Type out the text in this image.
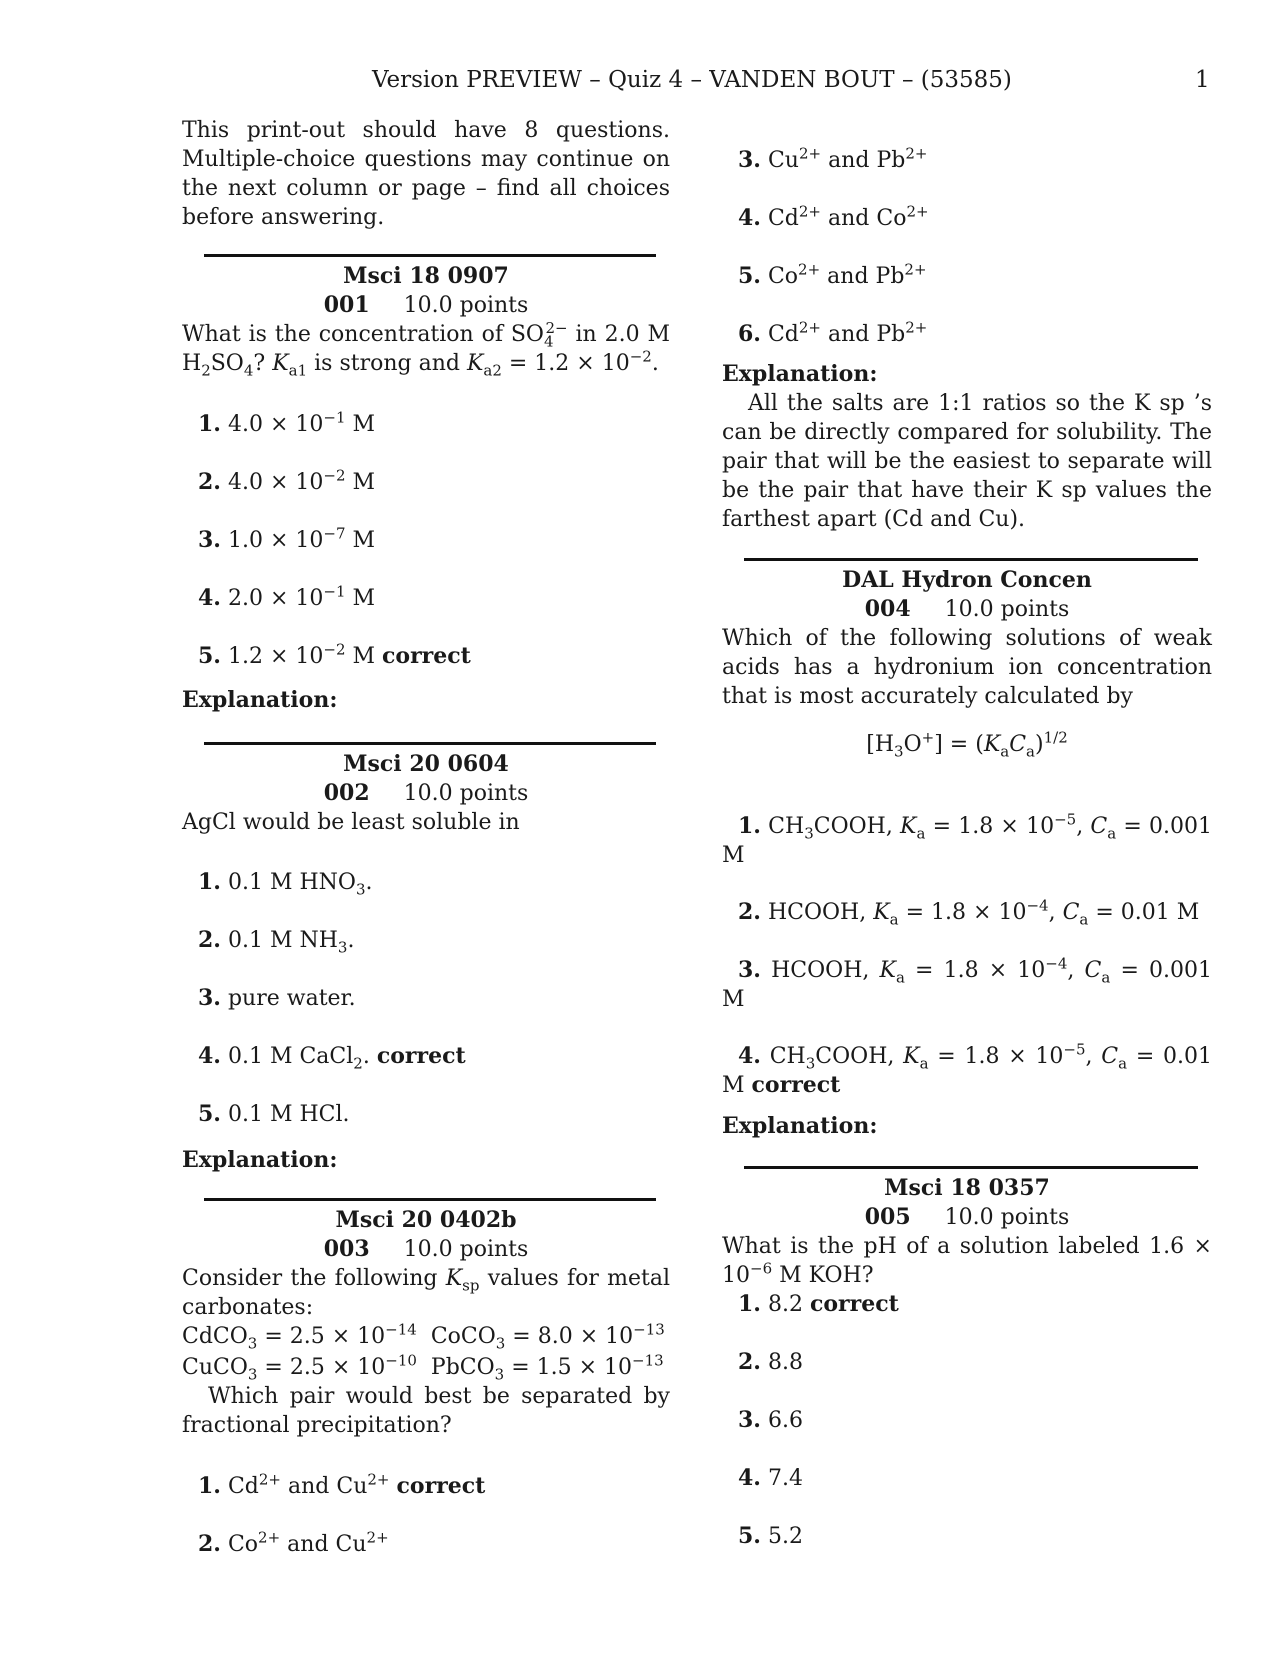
Version PREVIEW – Quiz 4 – VANDEN BOUT – (53585)	1
This print-out should have 8 questions. Multiple-choice questions may continue on the next column or page – find all choices before answering.
Msci 18 0907
001 10.0 points
What is the concentration of $SO_4^{2-}$ in 2.0 M $H_2SO_4$? $K_{a1}$ is strong and $K_{a2} = 1.2 \times 10^{-2}$.
1. $4.0 \times 10^{-1}$ M
2. $4.0 \times 10^{-2}$ M
3. $1.0 \times 10^{-7}$ M
4. $2.0 \times 10^{-1}$ M
5. $1.2 \times 10^{-2}$ M correct
Explanation:
Msci 20 0604
002 10.0 points
AgCl would be least soluble in
1. 0.1 M $HNO_3$.
2. 0.1 M $NH_3$.
3. pure water.
4. 0.1 M CaCl$_2$. correct
5. 0.1 M HCl.
Explanation:
Msci 20 0402b
003 10.0 points
Consider the following $K_{sp}$ values for metal carbonates:
CdCO$_3$ = $2.5 \times 10^{-14}$  CoCO$_3$ = $8.0 \times 10^{-13}$
CuCO$_3$ = $2.5 \times 10^{-10}$  PbCO$_3$ = $1.5 \times 10^{-13}$
Which pair would best be separated by fractional precipitation?
1. $Cd^{2+}$ and $Cu^{2+}$ correct
2. $Co^{2+}$ and $Cu^{2+}$
3. $Cu^{2+}$ and $Pb^{2+}$
4. $Cd^{2+}$ and $Co^{2+}$
5. $Co^{2+}$ and $Pb^{2+}$
6. $Cd^{2+}$ and $Pb^{2+}$
Explanation:
All the salts are 1:1 ratios so the K sp ’s can be directly compared for solubility. The pair that will be the easiest to separate will be the pair that have their K sp values the farthest apart (Cd and Cu).
DAL Hydron Concen
004 10.0 points
Which of the following solutions of weak acids has a hydronium ion concentration that is most accurately calculated by
$[H_3O^+] = (K_aC_a)^{1/2}$
1. $CH_3COOH$, $K_a = 1.8 \times 10^{-5}$, $C_a = 0.001$ M
2. HCOOH, $K_a = 1.8 \times 10^{-4}$, $C_a = 0.01$ M
3. HCOOH, $K_a = 1.8 \times 10^{-4}$, $C_a = 0.001$ M
4. $CH_3COOH$, $K_a = 1.8 \times 10^{-5}$, $C_a = 0.01$ M correct
Explanation:
Msci 18 0357
005 10.0 points
What is the pH of a solution labeled $1.6 \times 10^{-6}$ M KOH?
1. 8.2 correct
2. 8.8
3. 6.6
4. 7.4
5. 5.2
